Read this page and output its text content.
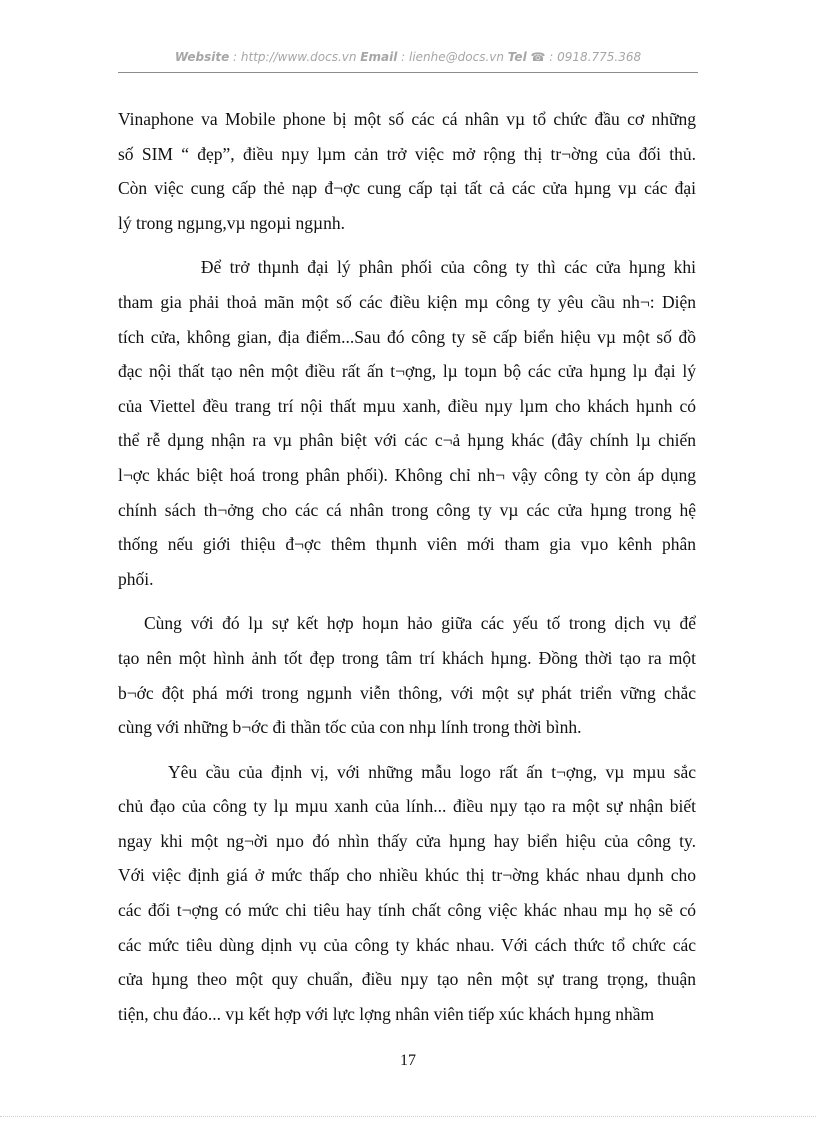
Website : http://www.docs.vn Email : lienhe@docs.vn Tel ☎ : 0918.775.368
Vinaphone va Mobile phone bị một số các cá nhân vµ tổ chức đầu cơ những
số SIM “ đẹp”, điều nµy lµm cản trở việc mở rộng thị tr¬ờng của đối thủ.
Còn việc cung cấp thẻ nạp đ¬ợc cung cấp tại tất cả các cửa hµng vµ các đại
lý trong ngµng,vµ ngoµi ngµnh.
Để trở thµnh đại lý phân phối của công ty thì các cửa hµng khi
tham gia phải thoả mãn một số các điều kiện mµ công ty yêu cầu nh¬: Diện
tích cửa, không gian, địa điểm...Sau đó công ty sẽ cấp biển hiệu vµ một số đồ
đạc nội thất tạo nên một điều rất ấn t¬ợng, lµ toµn bộ các cửa hµng lµ đại lý
của Viettel đều trang trí nội thất mµu xanh, điều nµy lµm cho khách hµnh có
thể rễ dµng nhận ra vµ phân biệt với các c¬ả hµng khác (đây chính lµ chiến
l¬ợc khác biệt hoá trong phân phối). Không chỉ nh¬ vậy công ty còn áp dụng
chính sách th¬ởng cho các cá nhân trong công ty vµ các cửa hµng trong hệ
thống nếu giới thiệu đ¬ợc thêm thµnh viên mới tham gia vµo kênh phân
phối.
Cùng với đó lµ sự kết hợp hoµn hảo giữa các yếu tố trong dịch vụ để
tạo nên một hình ảnh tốt đẹp trong tâm trí khách hµng. Đồng thời tạo ra một
b¬ớc đột phá mới trong ngµnh viễn thông, với một sự phát triển vững chắc
cùng với những b¬ớc đi thần tốc của con nhµ lính trong thời bình.
Yêu cầu của định vị, với những mẫu logo rất ấn t¬ợng, vµ mµu sắc
chủ đạo của công ty lµ mµu xanh của lính... điều nµy tạo ra một sự nhận biết
ngay khi một ng¬ời nµo đó nhìn thấy cửa hµng hay biển hiệu của công ty.
Với việc định giá ở mức thấp cho nhiều khúc thị tr¬ờng khác nhau dµnh cho
các đối t¬ợng có mức chi tiêu hay tính chất công việc khác nhau mµ họ sẽ có
các mức tiêu dùng dịnh vụ của công ty khác nhau. Với cách thức tổ chức các
cửa hµng theo một quy chuẩn, điều nµy tạo nên một sự trang trọng, thuận
tiện, chu đáo... vµ kết hợp với lực lợng nhân viên tiếp xúc khách hµng nhầm
17
